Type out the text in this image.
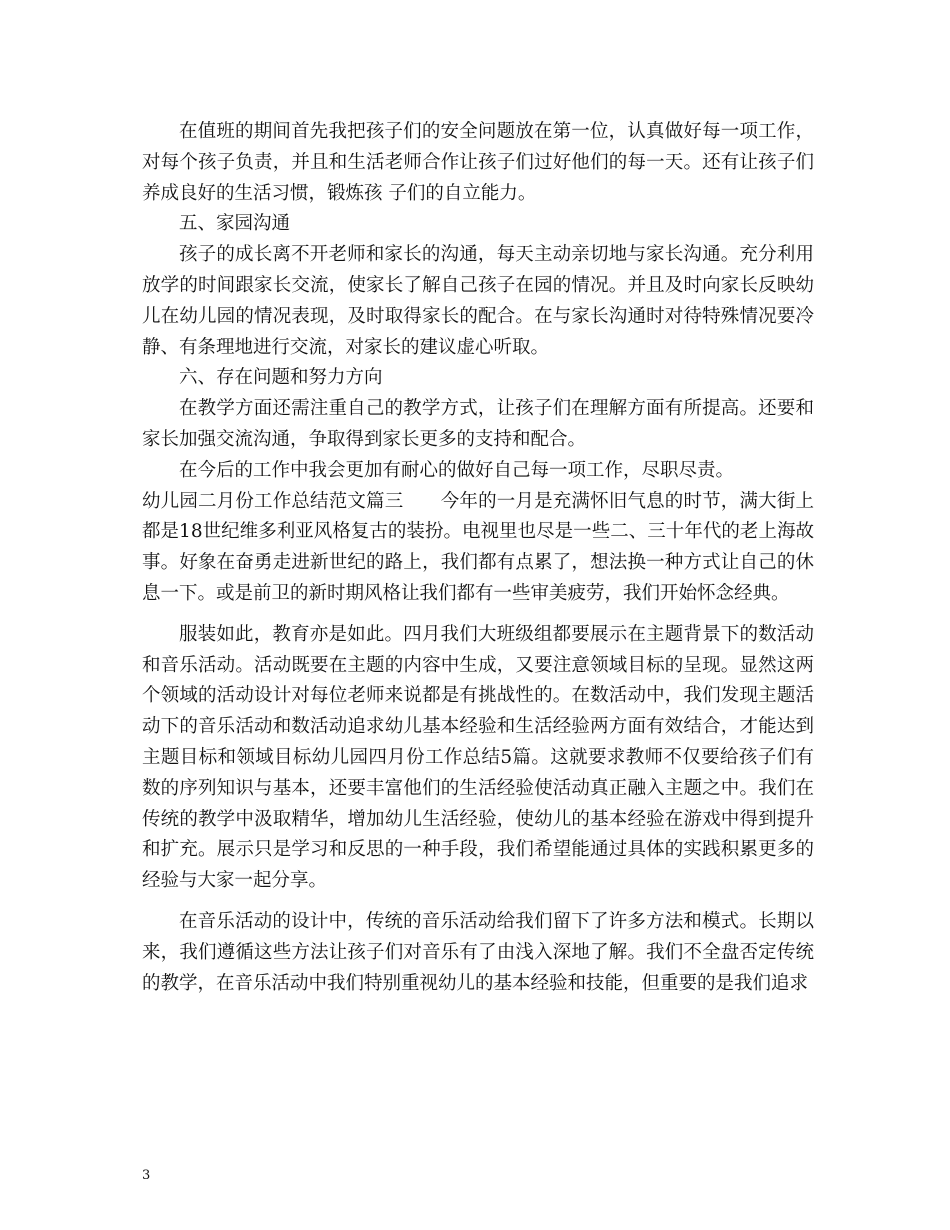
在值班的期间首先我把孩子们的安全问题放在第一位，认真做好每一项工作，对每个孩子负责，并且和生活老师合作让孩子们过好他们的每一天。还有让孩子们养成良好的生活习惯，锻炼孩 子们的自立能力。

五、家园沟通

孩子的成长离不开老师和家长的沟通，每天主动亲切地与家长沟通。充分利用放学的时间跟家长交流，使家长了解自己孩子在园的情况。并且及时向家长反映幼儿在幼儿园的情况表现，及时取得家长的配合。在与家长沟通时对待特殊情况要冷静、有条理地进行交流，对家长的建议虚心听取。

六、存在问题和努力方向

在教学方面还需注重自己的教学方式，让孩子们在理解方面有所提高。还要和家长加强交流沟通，争取得到家长更多的支持和配合。

在今后的工作中我会更加有耐心的做好自己每一项工作，尽职尽责。

幼儿园二月份工作总结范文篇三　　今年的一月是充满怀旧气息的时节，满大街上都是18世纪维多利亚风格复古的装扮。电视里也尽是一些二、三十年代的老上海故事。好象在奋勇走进新世纪的路上，我们都有点累了，想法换一种方式让自己的休息一下。或是前卫的新时期风格让我们都有一些审美疲劳，我们开始怀念经典。

服装如此，教育亦是如此。四月我们大班级组都要展示在主题背景下的数活动和音乐活动。活动既要在主题的内容中生成，又要注意领域目标的呈现。显然这两个领域的活动设计对每位老师来说都是有挑战性的。在数活动中，我们发现主题活动下的音乐活动和数活动追求幼儿基本经验和生活经验两方面有效结合，才能达到主题目标和领域目标幼儿园四月份工作总结5篇。这就要求教师不仅要给孩子们有数的序列知识与基本，还要丰富他们的生活经验使活动真正融入主题之中。我们在传统的教学中汲取精华，增加幼儿生活经验，使幼儿的基本经验在游戏中得到提升和扩充。展示只是学习和反思的一种手段，我们希望能通过具体的实践积累更多的经验与大家一起分享。

在音乐活动的设计中，传统的音乐活动给我们留下了许多方法和模式。长期以来，我们遵循这些方法让孩子们对音乐有了由浅入深地了解。我们不全盘否定传统的教学，在音乐活动中我们特别重视幼儿的基本经验和技能，但重要的是我们追求

3
